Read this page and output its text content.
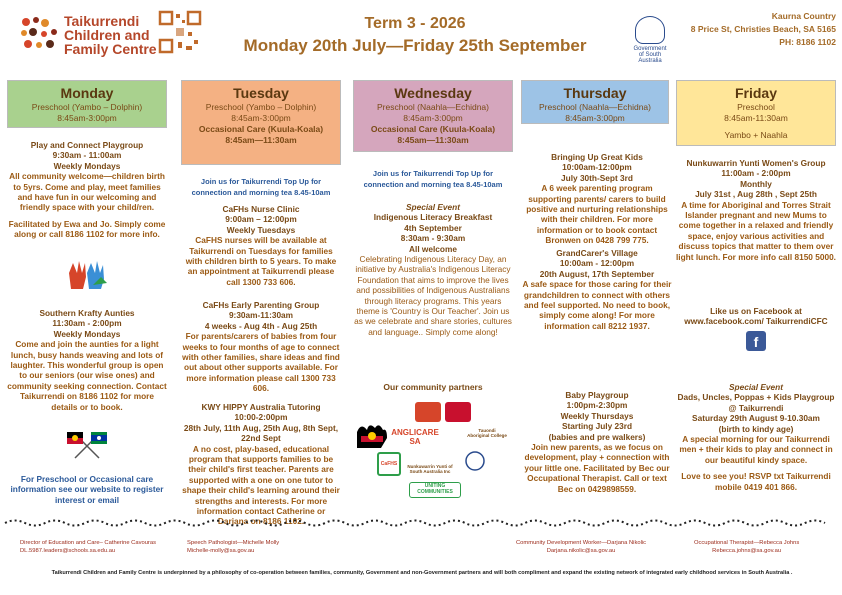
Taikurrendi
Children and
Family Centre
Term 3 - 2026
Monday 20th July—Friday 25th September	Government
of South Australia
Kaurna Country
8 Price St, Christies Beach, SA 5165
PH: 8186 1102
Monday
Preschool (Yambo – Dolphin)
8:45am-3:00pm
Play and Connect Playgroup
9:30am - 11:00am
Weekly Mondays
All community welcome—children birth to 5yrs. Come and play, meet families and have fun in our welcoming and friendly space with your child/ren.
Facilitated by Ewa and Jo. Simply come along or call 8186 1102 for more info.
Southern Krafty Aunties
11:30am - 2:00pm
Weekly Mondays
Come and join the aunties for a light lunch, busy hands weaving and lots of laughter. This wonderful group is open to our seniors (our wise ones) and community seeking connection. Contact Taikurrendi on 8186 1102 for more details or to book.
For Preschool or Occasional care information see our website to register interest or email
Tuesday
Preschool (Yambo – Dolphin)
8:45am-3:00pm
Occasional Care (Kuula-Koala)
8:45am—11:30am
Join us for Taikurrendi Top Up for connection and morning tea 8.45-10am
CaFHs Nurse Clinic
9:00am – 12:00pm
Weekly Tuesdays
CaFHS nurses will be available at Taikurrendi on Tuesdays for families with children birth to 5 years. To make an appointment at Taikurrendi please call 1300 733 606.
CaFHs Early Parenting Group
9:30am-11:30am
4 weeks - Aug 4th - Aug 25th
For parents/carers of babies from four weeks to four months of age to connect with other families, share ideas and find out about other supports available. For more information please call 1300 733 606.
KWY HIPPY Australia Tutoring
10:00-2:00pm
28th July, 11th Aug, 25th Aug, 8th Sept, 22nd Sept
A no cost, play-based, educational program that supports families to be their child's first teacher. Parents are supported with a one on one tutor to shape their child's learning around their strengths and interests. For more information contact Catherine or Darjana on 8186 1102.
Wednesday
Preschool (Naahla—Echidna)
8:45am-3:00pm
Occasional Care (Kuula-Koala)
8:45am—11:30am
Join us for Taikurrendi Top Up for connection and morning tea 8.45-10am
Special Event
Indigenous Literacy Breakfast
4th September
8:30am - 9:30am
All welcome
Celebrating Indigenous Literacy Day, an initiative by Australia's Indigenous Literacy Foundation that aims to improve the lives and possibilities of Indigenous Australians through literacy programs. This years theme is 'Country is Our Teacher'. Join us as we celebrate and share stories, cultures and language.. Simply come along!
Our community partners
ANGLICARE SA
Tauondi Aboriginal College
CaFHS	Nunkuwarrin Yunti of South Australia Inc
UNITING COMMUNITIES
Thursday
Preschool (Naahla—Echidna)
8:45am-3:00pm
Bringing Up Great Kids
10:00am-12:00pm
July 30th-Sept 3rd
A 6 week parenting program supporting parents/ carers to build positive and nurturing relationships with their children. For more information or to book contact Bronwen on 0428 799 775.
GrandCarer's Village
10:00am - 12:00pm
20th August, 17th September
A safe space for those caring for their grandchildren to connect with others and feel supported. No need to book, simply come along! For more information call 8212 1937.
Baby Playgroup
1:00pm-2:30pm
Weekly Thursdays
Starting July 23rd
(babies and pre walkers)
Join new parents, as we focus on development, play + connection with your little one. Facilitated by Bec our Occupational Therapist. Call or text Bec on 0429898559.
Friday
Preschool
8:45am-11:30am
Yambo + Naahla
Nunkuwarrin Yunti Women's Group
11:00am - 2:00pm
Monthly
July 31st , Aug 28th , Sept 25th
A time for Aboriginal and Torres Strait Islander pregnant and new Mums to come together in a relaxed and friendly space, enjoy various activities and discuss topics that matter to them over light lunch. For more info call 8150 5000.
Like us on Facebook at www.facebook.com/ TaikurrendiCFC
f
Special Event
Dads, Uncles, Poppas + Kids Playgroup @ Taikurrendi
Saturday 29th August 9-10.30am
(birth to kindy age)
A special morning for our Taikurrendi men + their kids to play and connect in our beautiful kindy space.
Love to see you! RSVP txt Taikurrendi mobile 0419 401 866.
Director of Education and Care– Catherine Cavouras
DL.5987.leaders@schools.sa.edu.au
Speech Pathologist—Michelle Molly
Michelle-molly@sa.gov.au
Community Development Worker—Darjana Nikolic
Darjana.nikolic@sa.gov.au
Occupational Therapist—Rebecca Johns
Rebecca.johns@sa.gov.au
Taikurrendi Children and Family Centre is underpinned by a philosophy of co-operation between families, community, Government and non-Government partners and will both compliment and expand the existing network of integrated early childhood services in South Australia .
